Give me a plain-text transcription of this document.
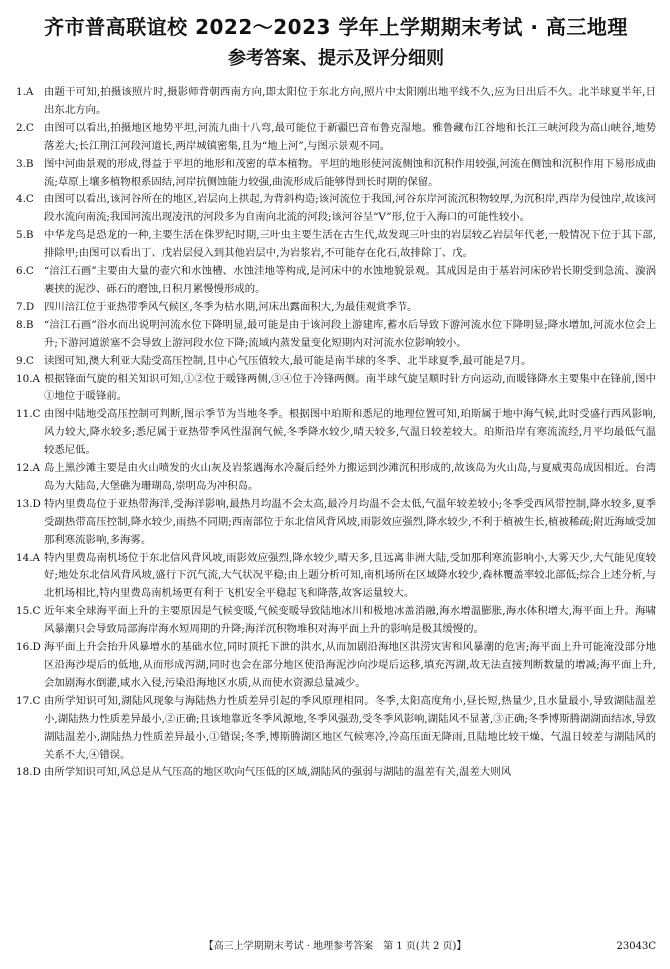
齐市普高联谊校 2022～2023 学年上学期期末考试 · 高三地理
参考答案、提示及评分细则

1.A 由题干可知,拍摄该照片时,摄影师背朝西南方向,即太阳位于东北方向,照片中太阳刚出地平线不久,应为日出后不久。北半球夏半年,日出东北方向。

2.C 由图可以看出,拍摄地区地势平坦,河流九曲十八弯,最可能位于新疆巴音布鲁克湿地。雅鲁藏布江谷地和长江三峡河段为高山峡谷,地势落差大;长江荆江河段河道长,两岸城镇密集,且为“地上河”,与图示景观不同。

3.B 图中河曲景观的形成,得益于平坦的地形和茂密的草本植物。平坦的地形使河流侧蚀和沉积作用较强,河流在侧蚀和沉积作用下易形成曲流;草原上壤多植物根系固结,河岸抗侧蚀能力较强,曲流形成后能够得到长时期的保留。

4.C 由图可以看出,该河谷所在的地区,岩层向上拱起,为背斜构造;该河流位于我国,河谷东岸河流沉积物较厚,为沉积岸,西岸为侵蚀岸,故该河段水流向南流;我国河流出现凌汛的河段多为自南向北流的河段;该河谷呈“V”形,位于入海口的可能性较小。

5.B 中华龙鸟是恐龙的一种,主要生活在侏罗纪时期,三叶虫主要生活在古生代,故发现三叶虫的岩层较乙岩层年代老,一般情况下位于其下部,排除甲;由图可以看出丁、戊岩层侵入到其他岩层中,为岩浆岩,不可能存在化石,故排除丁、戊。

6.C “涪江石画”主要由大量的壶穴和水蚀槽、水蚀洼地等构成,是河床中的水蚀地貌景观。其成因是由于基岩河床砂岩长期受到急流、漩涡裹挟的泥沙、砾石的磨蚀,日积月累慢慢形成的。

7.D 四川涪江位于亚热带季风气候区,冬季为枯水期,河床出露面积大,为最佳观赏季节。

8.B “涪江石画”浴水而出说明河流水位下降明显,最可能是由于该河段上游建库,蓄水后导致下游河流水位下降明显;降水增加,河流水位会上升;下游河道淤塞不会导致上游河段水位下降;流域内蒸发量变化短期内对河流水位影响较小。

9.C 读图可知,澳大利亚大陆受高压控制,且中心气压值较大,最可能是南半球的冬季、北半球夏季,最可能是7月。

10.A 根据锋面气旋的相关知识可知,①②位于暖锋两侧,③④位于冷锋两侧。南半球气旋呈顺时针方向运动,而暖锋降水主要集中在锋前,图中①地位于暖锋前。

11.C 由图中陆地受高压控制可判断,图示季节为当地冬季。根据图中珀斯和悉尼的地理位置可知,珀斯属于地中海气候,此时受盛行西风影响,风力较大,降水较多;悉尼属于亚热带季风性湿润气候,冬季降水较少,晴天较多,气温日较差较大。珀斯沿岸有寒流流经,月平均最低气温较悉尼低。

12.A 岛上黑沙滩主要是由火山喷发的火山灰及岩浆遇海水冷凝后经外力搬运到沙滩沉积形成的,故该岛为火山岛,与夏威夷岛成因相近。台湾岛为大陆岛,大堡礁为珊瑚岛,崇明岛为冲积岛。

13.D 特内里费岛位于亚热带海洋,受海洋影响,最热月均温不会太高,最冷月均温不会太低,气温年较差较小;冬季受西风带控制,降水较多,夏季受副热带高压控制,降水较少,雨热不同期;西南部位于东北信风背风坡,雨影效应强烈,降水较少,不利于植被生长,植被稀疏;附近海域受加那利寒流影响,多海雾。

14.A 特内里费岛南机场位于东北信风背风坡,雨影效应强烈,降水较少,晴天多,且远离非洲大陆,受加那利寒流影响小,大雾天少,大气能见度较好;地处东北信风背风坡,盛行下沉气流,大气状况平稳;由上题分析可知,南机场所在区域降水较少,森林覆盖率较北部低;综合上述分析,与北机场相比,特内里费岛南机场更有利于飞机安全平稳起飞和降落,故客运量较大。

15.C 近年来全球海平面上升的主要原因是气候变暖,气候变暖导致陆地冰川和极地冰盖消融,海水增温膨胀,海水体积增大,海平面上升。海啸风暴潮只会导致局部海岸海水短周期的升降;海洋沉积物堆积对海平面上升的影响是极其缓慢的。

16.D 海平面上升会抬升风暴增水的基础水位,同时顶托下泄的洪水,从而加剧沿海地区洪涝灾害和风暴潮的危害;海平面上升可能淹没部分地区沿海沙堤后的低地,从而形成泻湖,同时也会在部分地区使沿海泥沙向沙堤后运移,填充泻湖,故无法直接判断数量的增减;海平面上升,会加剧海水倒灌,咸水入侵,污染沿海地区水质,从而使水资源总量减少。

17.C 由所学知识可知,湖陆风现象与海陆热力性质差异引起的季风原理相同。冬季,太阳高度角小,昼长短,热量少,且水量最小,导致湖陆温差小,湖陆热力性质差异最小,②正确;且该地靠近冬季风源地,冬季风强劲,受冬季风影响,湖陆风不显著,③正确;冬季博斯腾湖湖面结冰,导致湖陆温差小,湖陆热力性质差异最小,①错误;冬季,博斯腾湖区地区气候寒冷,冷高压面无降雨,且陆地比较干燥、气温日较差与湖陆风的关系不大,④错误。

18.D 由所学知识可知,风总是从气压高的地区吹向气压低的区域,湖陆风的强弱与湖陆的温差有关,温差大则风

【高三上学期期末考试 · 地理参考答案　第 1 页(共 2 页)】	23043C
